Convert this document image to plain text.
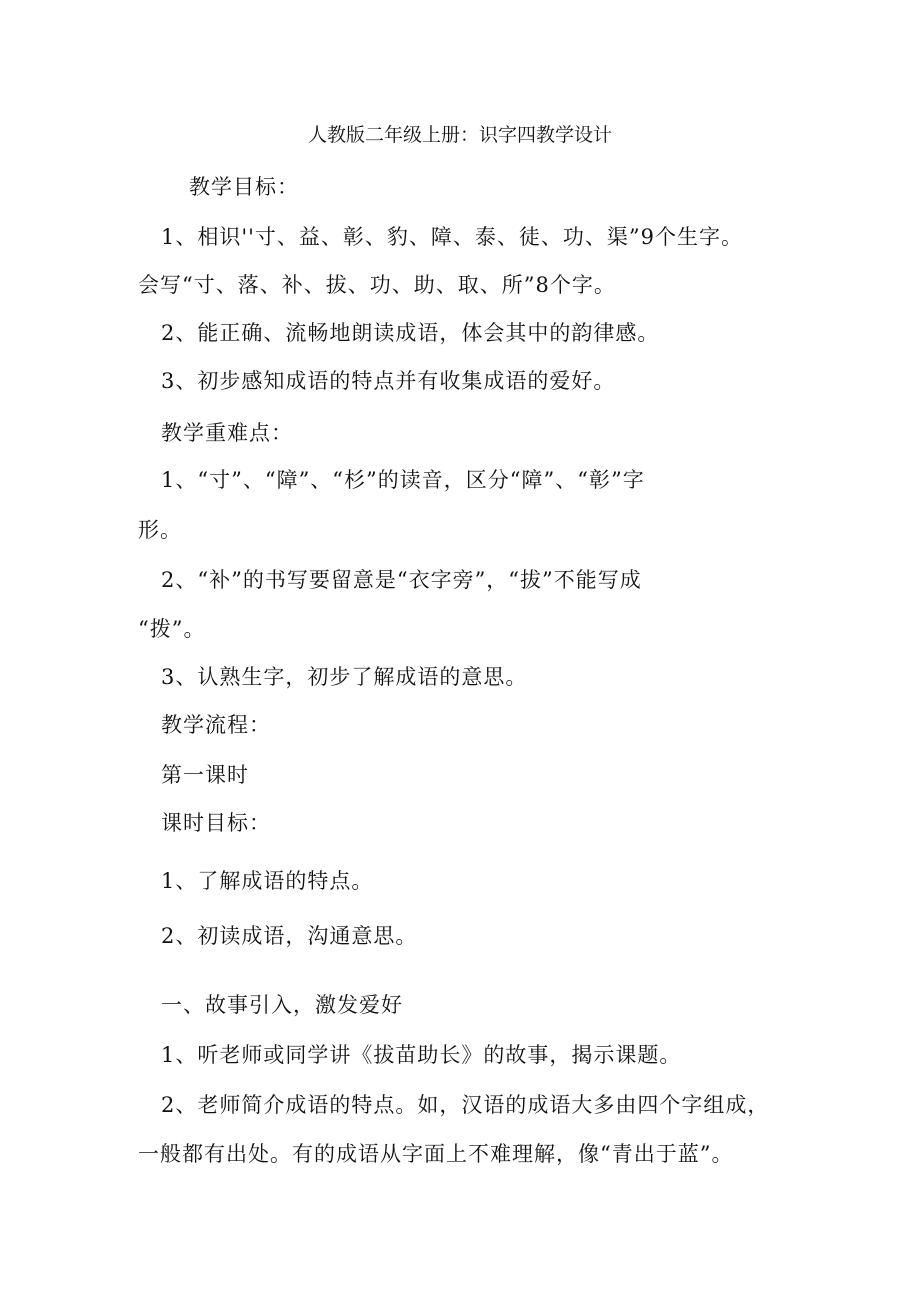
人教版二年级上册：识字四教学设计
教学目标：
1、相识''寸、益、彰、豹、障、泰、徒、功、渠”9个生字。
会写“寸、落、补、拔、功、助、取、所”8个字。
2、能正确、流畅地朗读成语，体会其中的韵律感。
3、初步感知成语的特点并有收集成语的爱好。
教学重难点：
1、“寸”、“障”、“杉”的读音，区分“障”、“彰”字
形。
2、“补”的书写要留意是“衣字旁”，“拔”不能写成
“拨”。
3、认熟生字，初步了解成语的意思。
教学流程：
第一课时
课时目标：
1、了解成语的特点。
2、初读成语，沟通意思。
一、故事引入，激发爱好
1、听老师或同学讲《拔苗助长》的故事，揭示课题。
2、老师简介成语的特点。如，汉语的成语大多由四个字组成，
一般都有出处。有的成语从字面上不难理解，像“青出于蓝”。
